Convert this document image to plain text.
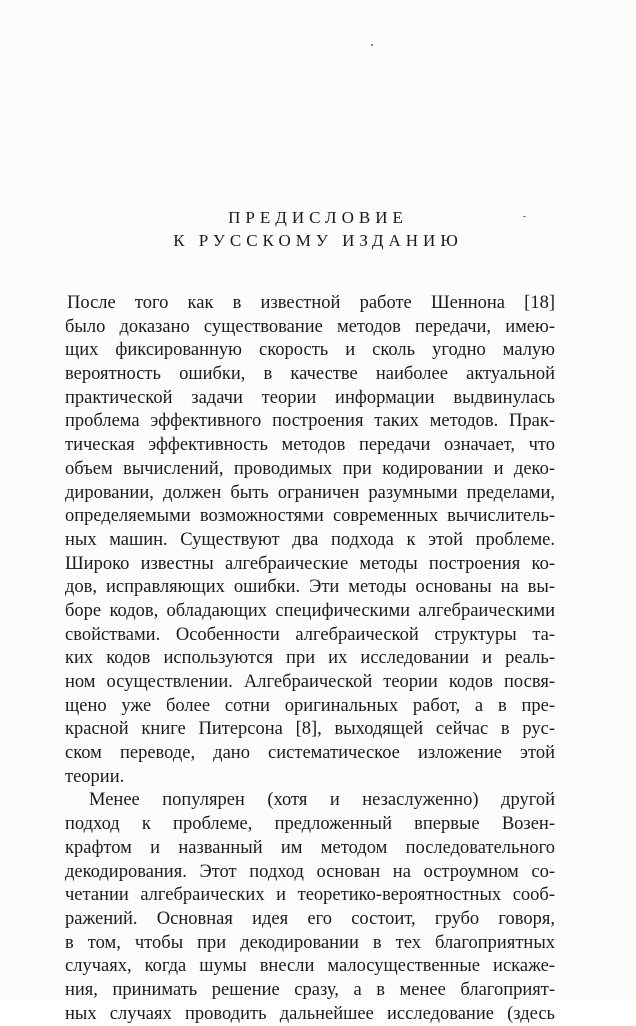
ПРЕДИСЛОВИЕ
К РУССКОМУ ИЗДАНИЮ
После того как в известной работе Шеннона [18]
было доказано существование методов передачи, имею-
щих фиксированную скорость и сколь угодно малую
вероятность ошибки, в качестве наиболее актуальной
практической задачи теории информации выдвинулась
проблема эффективного построения таких методов. Прак-
тическая эффективность методов передачи означает, что
объем вычислений, проводимых при кодировании и деко-
дировании, должен быть ограничен разумными пределами,
определяемыми возможностями современных вычислитель-
ных машин. Существуют два подхода к этой проблеме.
Широко известны алгебраические методы построения ко-
дов, исправляющих ошибки. Эти методы основаны на вы-
боре кодов, обладающих специфическими алгебраическими
свойствами. Особенности алгебраической структуры та-
ких кодов используются при их исследовании и реаль-
ном осуществлении. Алгебраической теории кодов посвя-
щено уже более сотни оригинальных работ, а в пре-
красной книге Питерсона [8], выходящей сейчас в рус-
ском переводе, дано систематическое изложение этой
теории.
Менее популярен (хотя и незаслуженно) другой
подход к проблеме, предложенный впервые Возен-
крафтом и названный им методом последовательного
декодирования. Этот подход основан на остроумном со-
четании алгебраических и теоретико-вероятностных сооб-
ражений. Основная идея его состоит, грубо говоря,
в том, чтобы при декодировании в тех благоприятных
случаях, когда шумы внесли малосущественные искаже-
ния, принимать решение сразу, а в менее благоприят-
ных случаях проводить дальнейшее исследование (здесь
